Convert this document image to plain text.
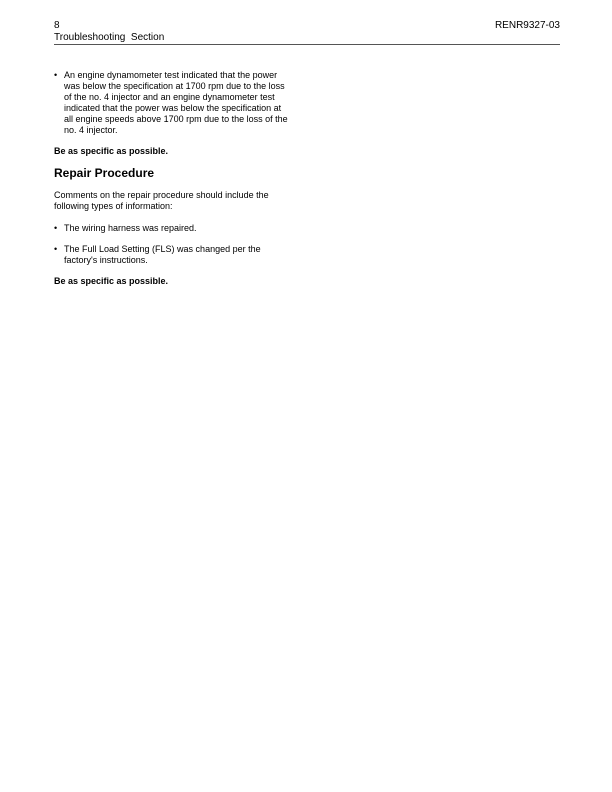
8
Troubleshooting  Section
RENR9327-03

• An engine dynamometer test indicated that the power was below the specification at 1700 rpm due to the loss of the no. 4 injector and an engine dynamometer test indicated that the power was below the specification at all engine speeds above 1700 rpm due to the loss of the no. 4 injector.

Be as specific as possible.

Repair Procedure

Comments on the repair procedure should include the following types of information:

• The wiring harness was repaired.

• The Full Load Setting (FLS) was changed per the factory's instructions.

Be as specific as possible.
